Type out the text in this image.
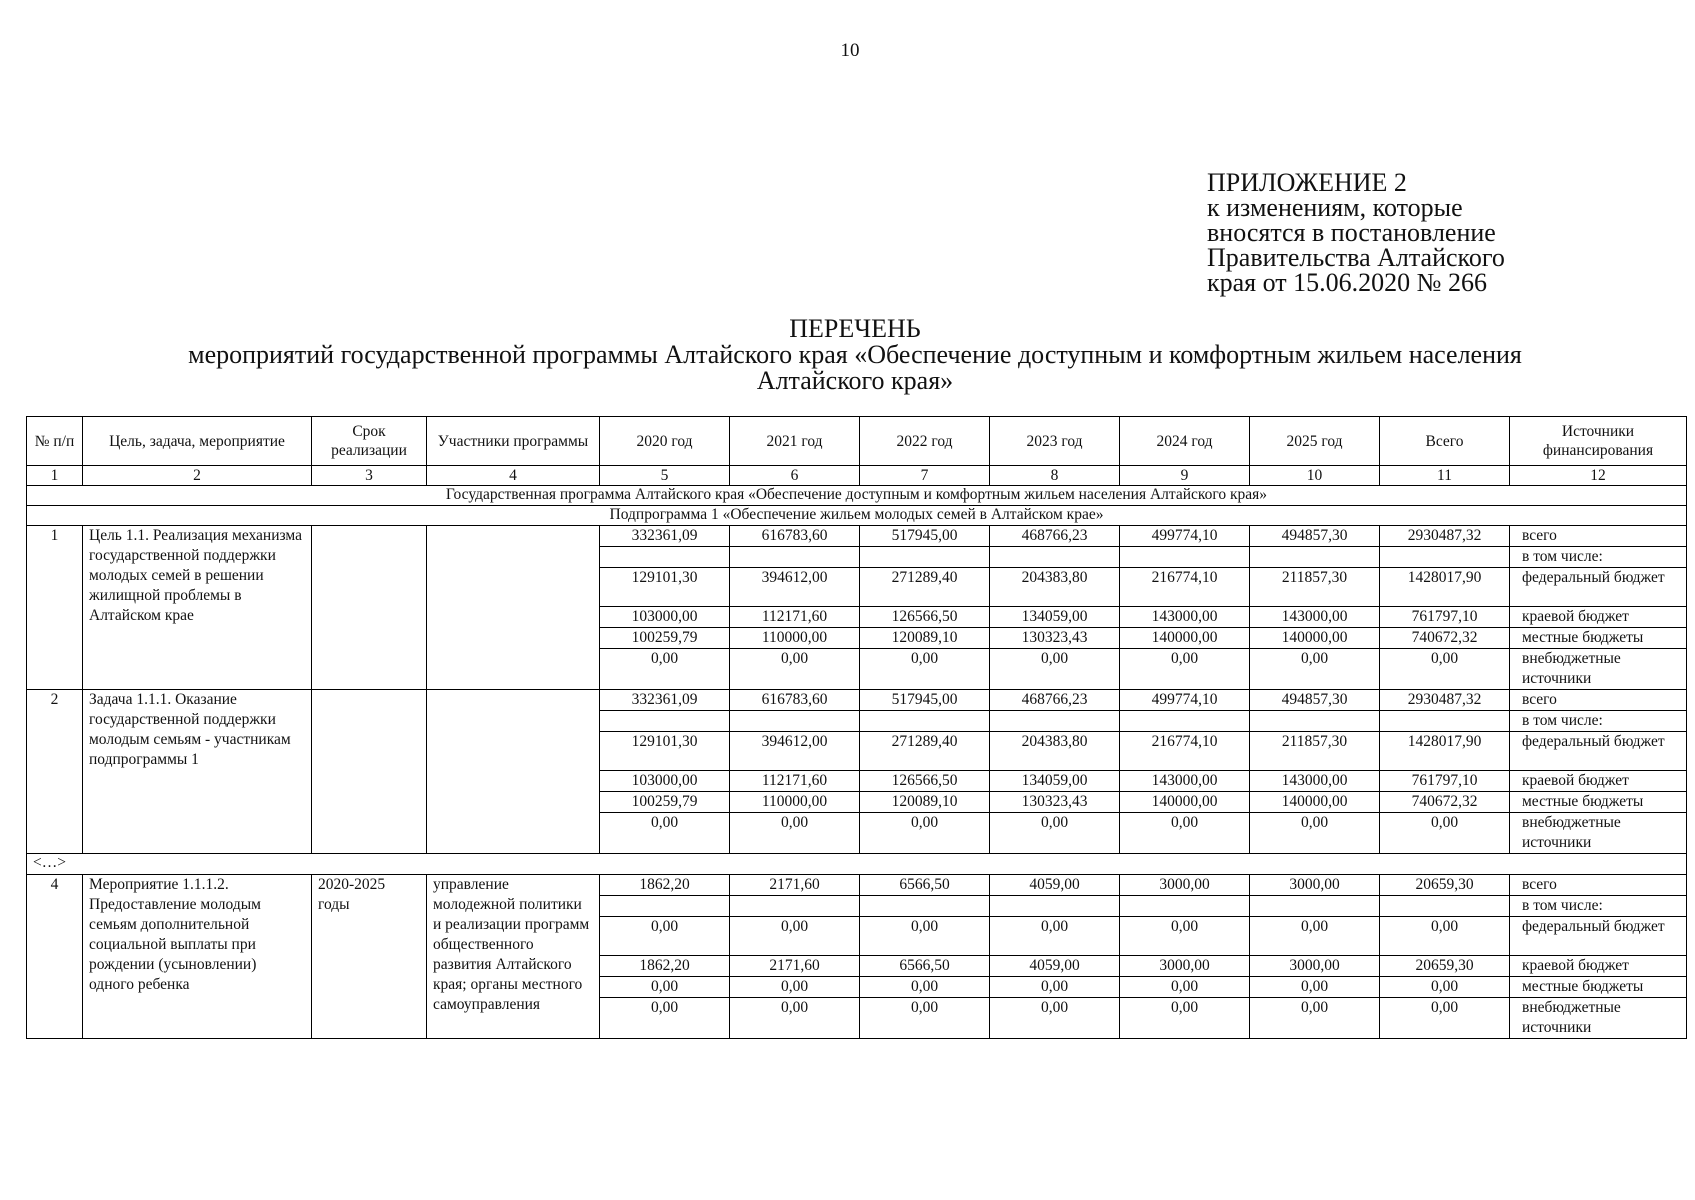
10
ПРИЛОЖЕНИЕ 2
к изменениям, которые
вносятся в постановление
Правительства Алтайского
края от 15.06.2020 № 266
ПЕРЕЧЕНЬ
мероприятий государственной программы Алтайского края «Обеспечение доступным и комфортным жильем населения
Алтайского края»
№ п/п	Цель, задача, мероприятие	Срок реализации	Участники программы	2020 год	2021 год	2022 год	2023 год	2024 год	2025 год	Всего	Источники финансирования
1	2	3	4	5	6	7	8	9	10	11	12
Государственная программа Алтайского края «Обеспечение доступным и комфортным жильем населения Алтайского края»											
Подпрограмма 1 «Обеспечение жильем молодых семей в Алтайском крае»											
1	Цель 1.1. Реализация механизма государственной поддержки молодых семей в решении жилищной проблемы в Алтайском крае			332361,09	616783,60	517945,00	468766,23	499774,10	494857,30	2930487,32	всего
											в том числе:
				129101,30	394612,00	271289,40	204383,80	216774,10	211857,30	1428017,90	федеральный бюджет
				103000,00	112171,60	126566,50	134059,00	143000,00	143000,00	761797,10	краевой бюджет
				100259,79	110000,00	120089,10	130323,43	140000,00	140000,00	740672,32	местные бюджеты
				0,00	0,00	0,00	0,00	0,00	0,00	0,00	внебюджетные источники
2	Задача 1.1.1. Оказание государственной поддержки молодым семьям - участникам подпрограммы 1			332361,09	616783,60	517945,00	468766,23	499774,10	494857,30	2930487,32	всего
											в том числе:
				129101,30	394612,00	271289,40	204383,80	216774,10	211857,30	1428017,90	федеральный бюджет
				103000,00	112171,60	126566,50	134059,00	143000,00	143000,00	761797,10	краевой бюджет
				100259,79	110000,00	120089,10	130323,43	140000,00	140000,00	740672,32	местные бюджеты
				0,00	0,00	0,00	0,00	0,00	0,00	0,00	внебюджетные источники
<…>											
4	Мероприятие 1.1.1.2. Предоставление молодым семьям дополнительной социальной выплаты при рождении (усыновлении) одного ребенка	2020-2025 годы	управление молодежной политики и реализации программ общественного развития Алтайского края; органы местного самоуправления	1862,20	2171,60	6566,50	4059,00	3000,00	3000,00	20659,30	всего
											в том числе:
				0,00	0,00	0,00	0,00	0,00	0,00	0,00	федеральный бюджет
				1862,20	2171,60	6566,50	4059,00	3000,00	3000,00	20659,30	краевой бюджет
				0,00	0,00	0,00	0,00	0,00	0,00	0,00	местные бюджеты
				0,00	0,00	0,00	0,00	0,00	0,00	0,00	внебюджетные источники
